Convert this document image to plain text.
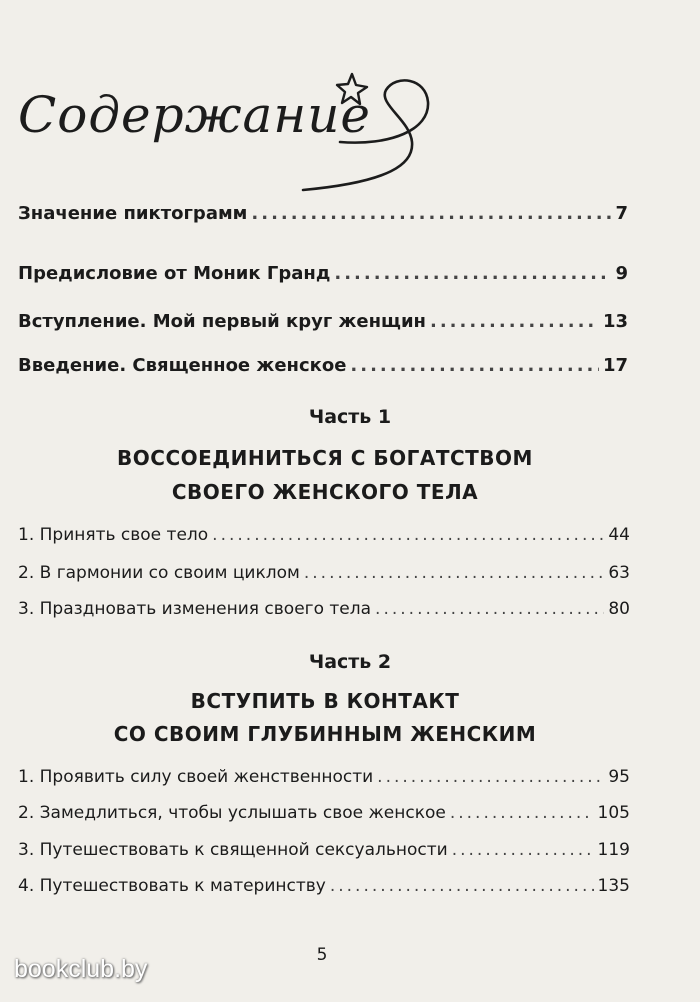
Содержание
Значение пиктограмм .....	7
Предисловие от Моник Гранд .....	9
Вступление. Мой первый круг женщин .....	13
Введение. Священное женское .....	17
Часть 1
ВОССОЕДИНИТЬСЯ С БОГАТСТВОМ
СВОЕГО ЖЕНСКОГО ТЕЛА
1. Принять свое тело .....	44
2. В гармонии со своим циклом .....	63
3. Праздновать изменения своего тела .....	80
Часть 2
ВСТУПИТЬ В КОНТАКТ
СО СВОИМ ГЛУБИННЫМ ЖЕНСКИМ
1. Проявить силу своей женственности .....	95
2. Замедлиться, чтобы услышать свое женское .....	105
3. Путешествовать к священной сексуальности .....	119
4. Путешествовать к материнству .....	135
5
bookclub.by
